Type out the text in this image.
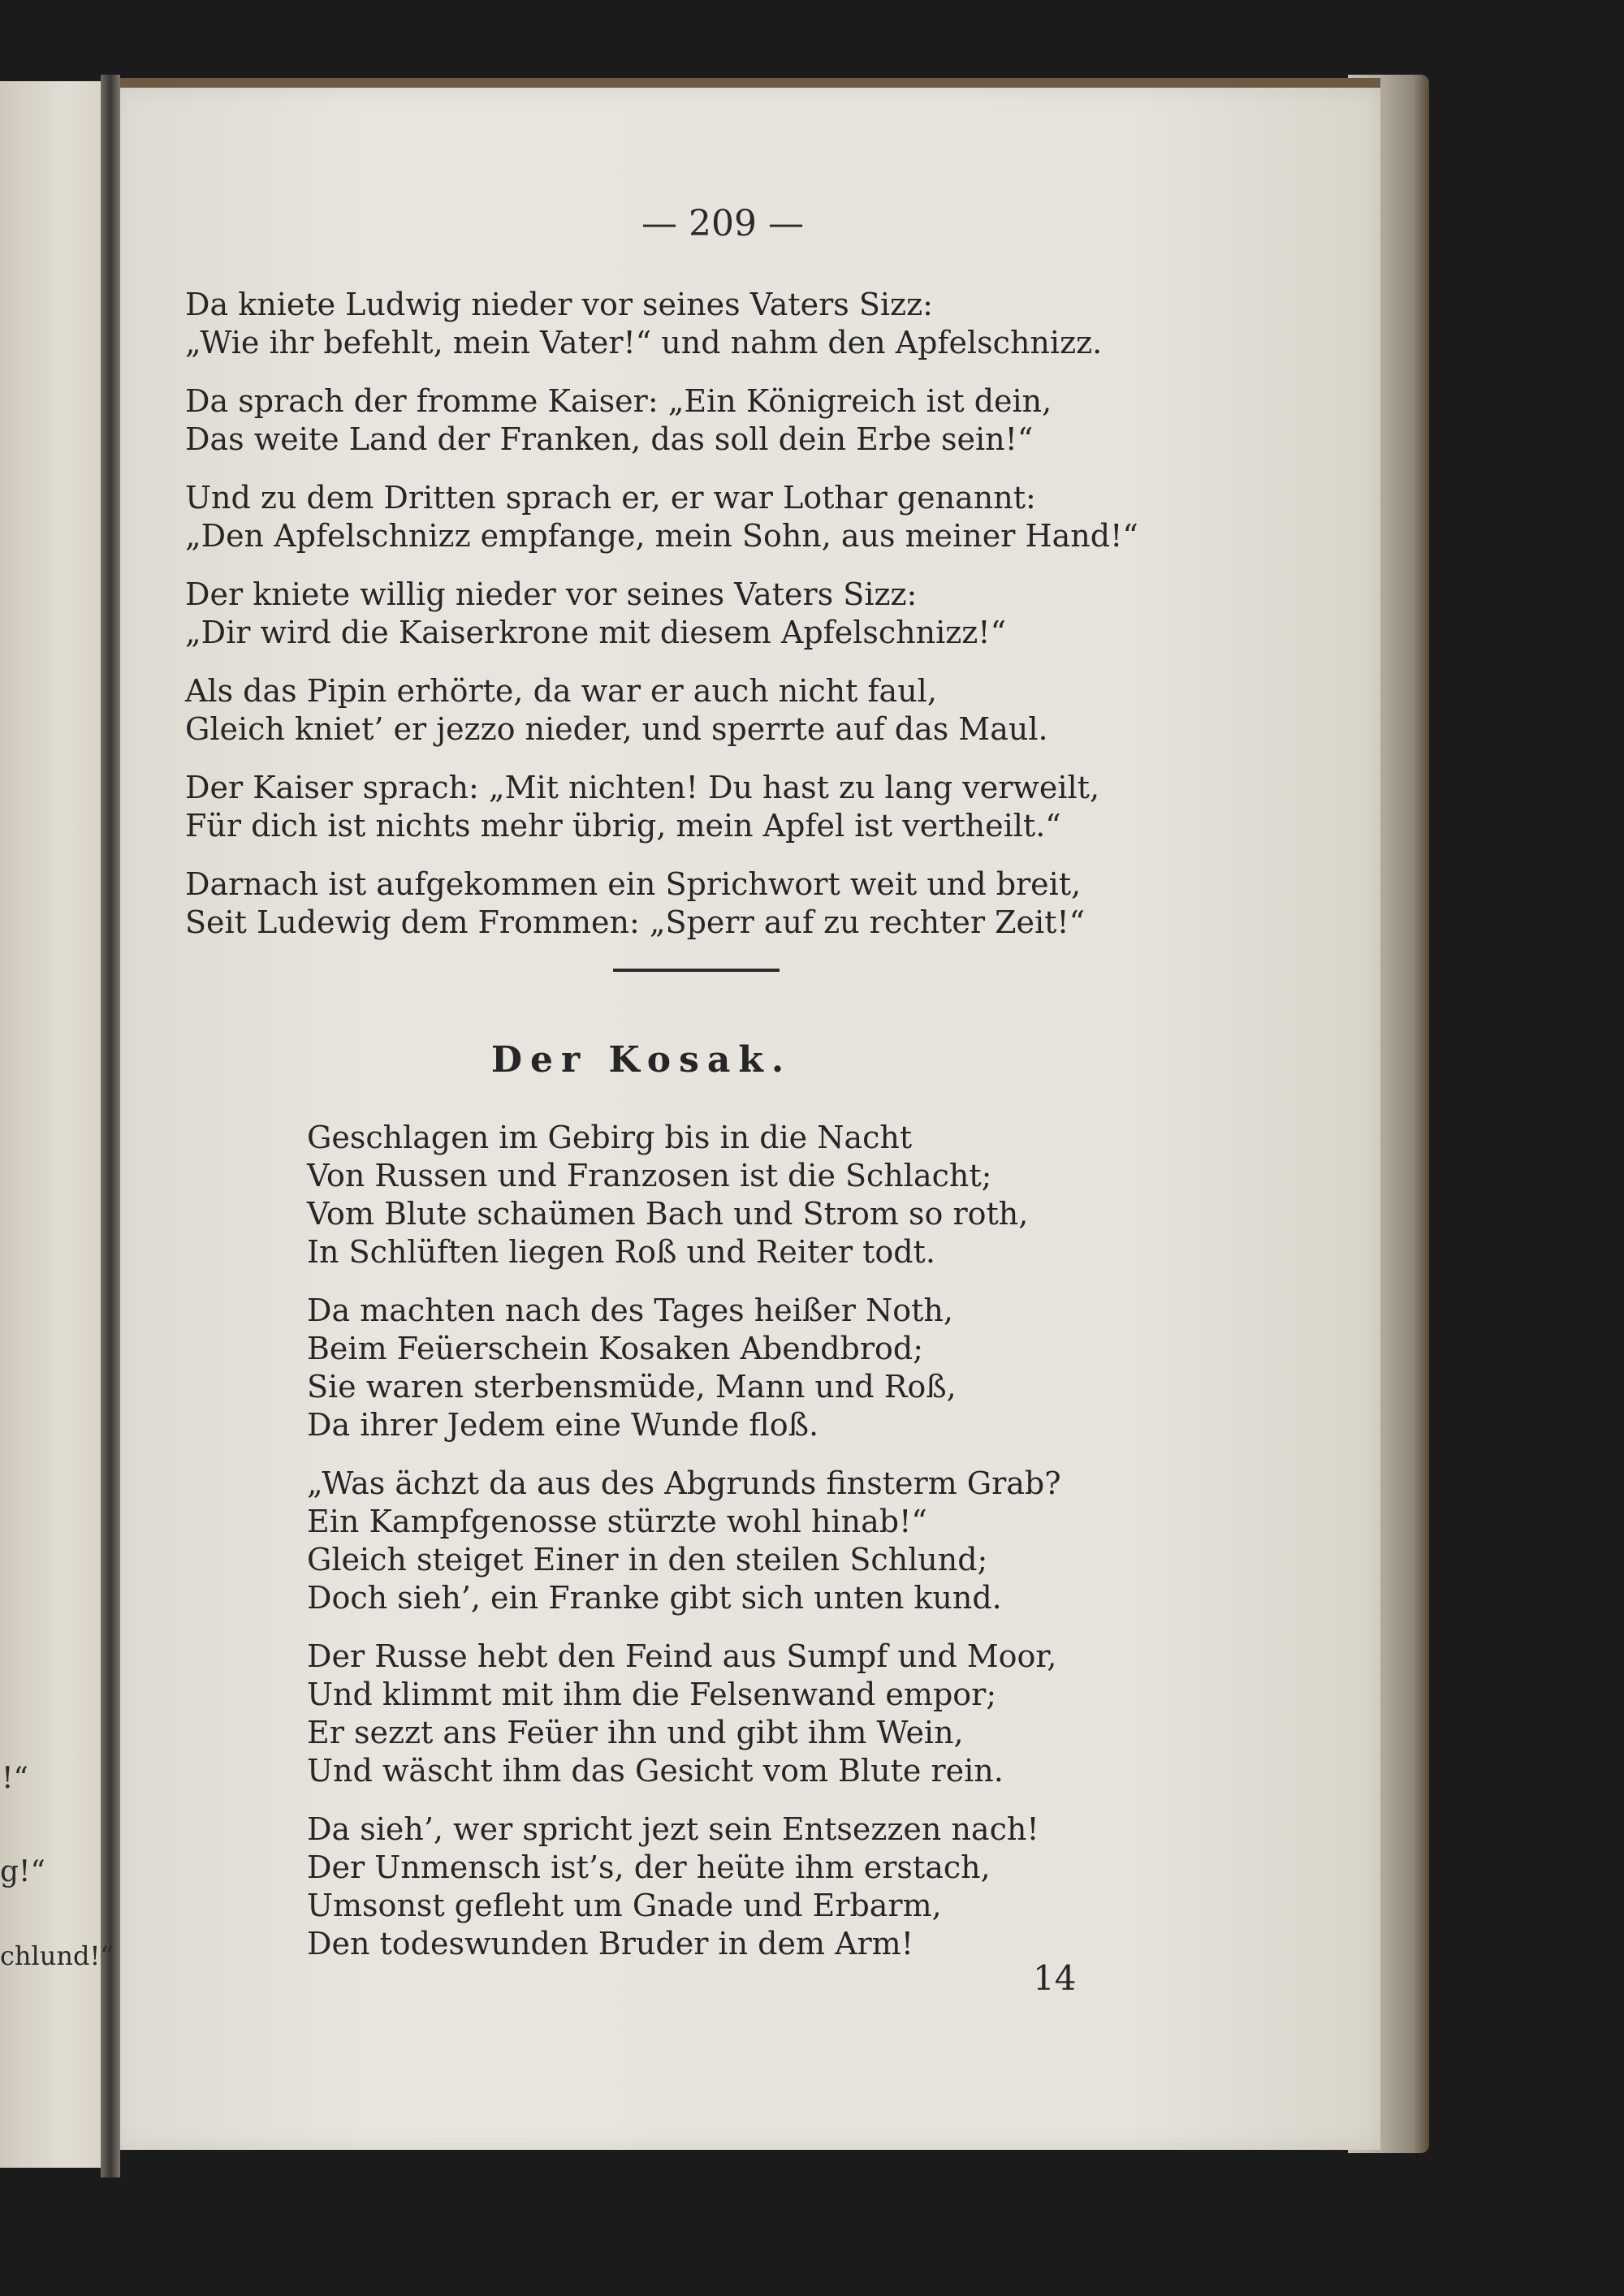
!“
g!“
chlund!“
— 209 —
Da kniete Ludwig nieder vor seines Vaters Sizz:
„Wie ihr befehlt, mein Vater!“ und nahm den Apfelschnizz.
Da sprach der fromme Kaiser: „Ein Königreich ist dein,
Das weite Land der Franken, das soll dein Erbe sein!“
Und zu dem Dritten sprach er, er war Lothar genannt:
„Den Apfelschnizz empfange, mein Sohn, aus meiner Hand!“
Der kniete willig nieder vor seines Vaters Sizz:
„Dir wird die Kaiserkrone mit diesem Apfelschnizz!“
Als das Pipin erhörte, da war er auch nicht faul,
Gleich kniet’ er jezzo nieder, und sperrte auf das Maul.
Der Kaiser sprach: „Mit nichten! Du hast zu lang verweilt,
Für dich ist nichts mehr übrig, mein Apfel ist vertheilt.“
Darnach ist aufgekommen ein Sprichwort weit und breit,
Seit Ludewig dem Frommen: „Sperr auf zu rechter Zeit!“
Der Kosak.
Geschlagen im Gebirg bis in die Nacht
Von Russen und Franzosen ist die Schlacht;
Vom Blute schaümen Bach und Strom so roth,
In Schlüften liegen Roß und Reiter todt.
Da machten nach des Tages heißer Noth,
Beim Feüerschein Kosaken Abendbrod;
Sie waren sterbensmüde, Mann und Roß,
Da ihrer Jedem eine Wunde floß.
„Was ächzt da aus des Abgrunds finsterm Grab?
Ein Kampfgenosse stürzte wohl hinab!“
Gleich steiget Einer in den steilen Schlund;
Doch sieh’, ein Franke gibt sich unten kund.
Der Russe hebt den Feind aus Sumpf und Moor,
Und klimmt mit ihm die Felsenwand empor;
Er sezzt ans Feüer ihn und gibt ihm Wein,
Und wäscht ihm das Gesicht vom Blute rein.
Da sieh’, wer spricht jezt sein Entsezzen nach!
Der Unmensch ist’s, der heüte ihm erstach,
Umsonst gefleht um Gnade und Erbarm,
Den todeswunden Bruder in dem Arm!
14
